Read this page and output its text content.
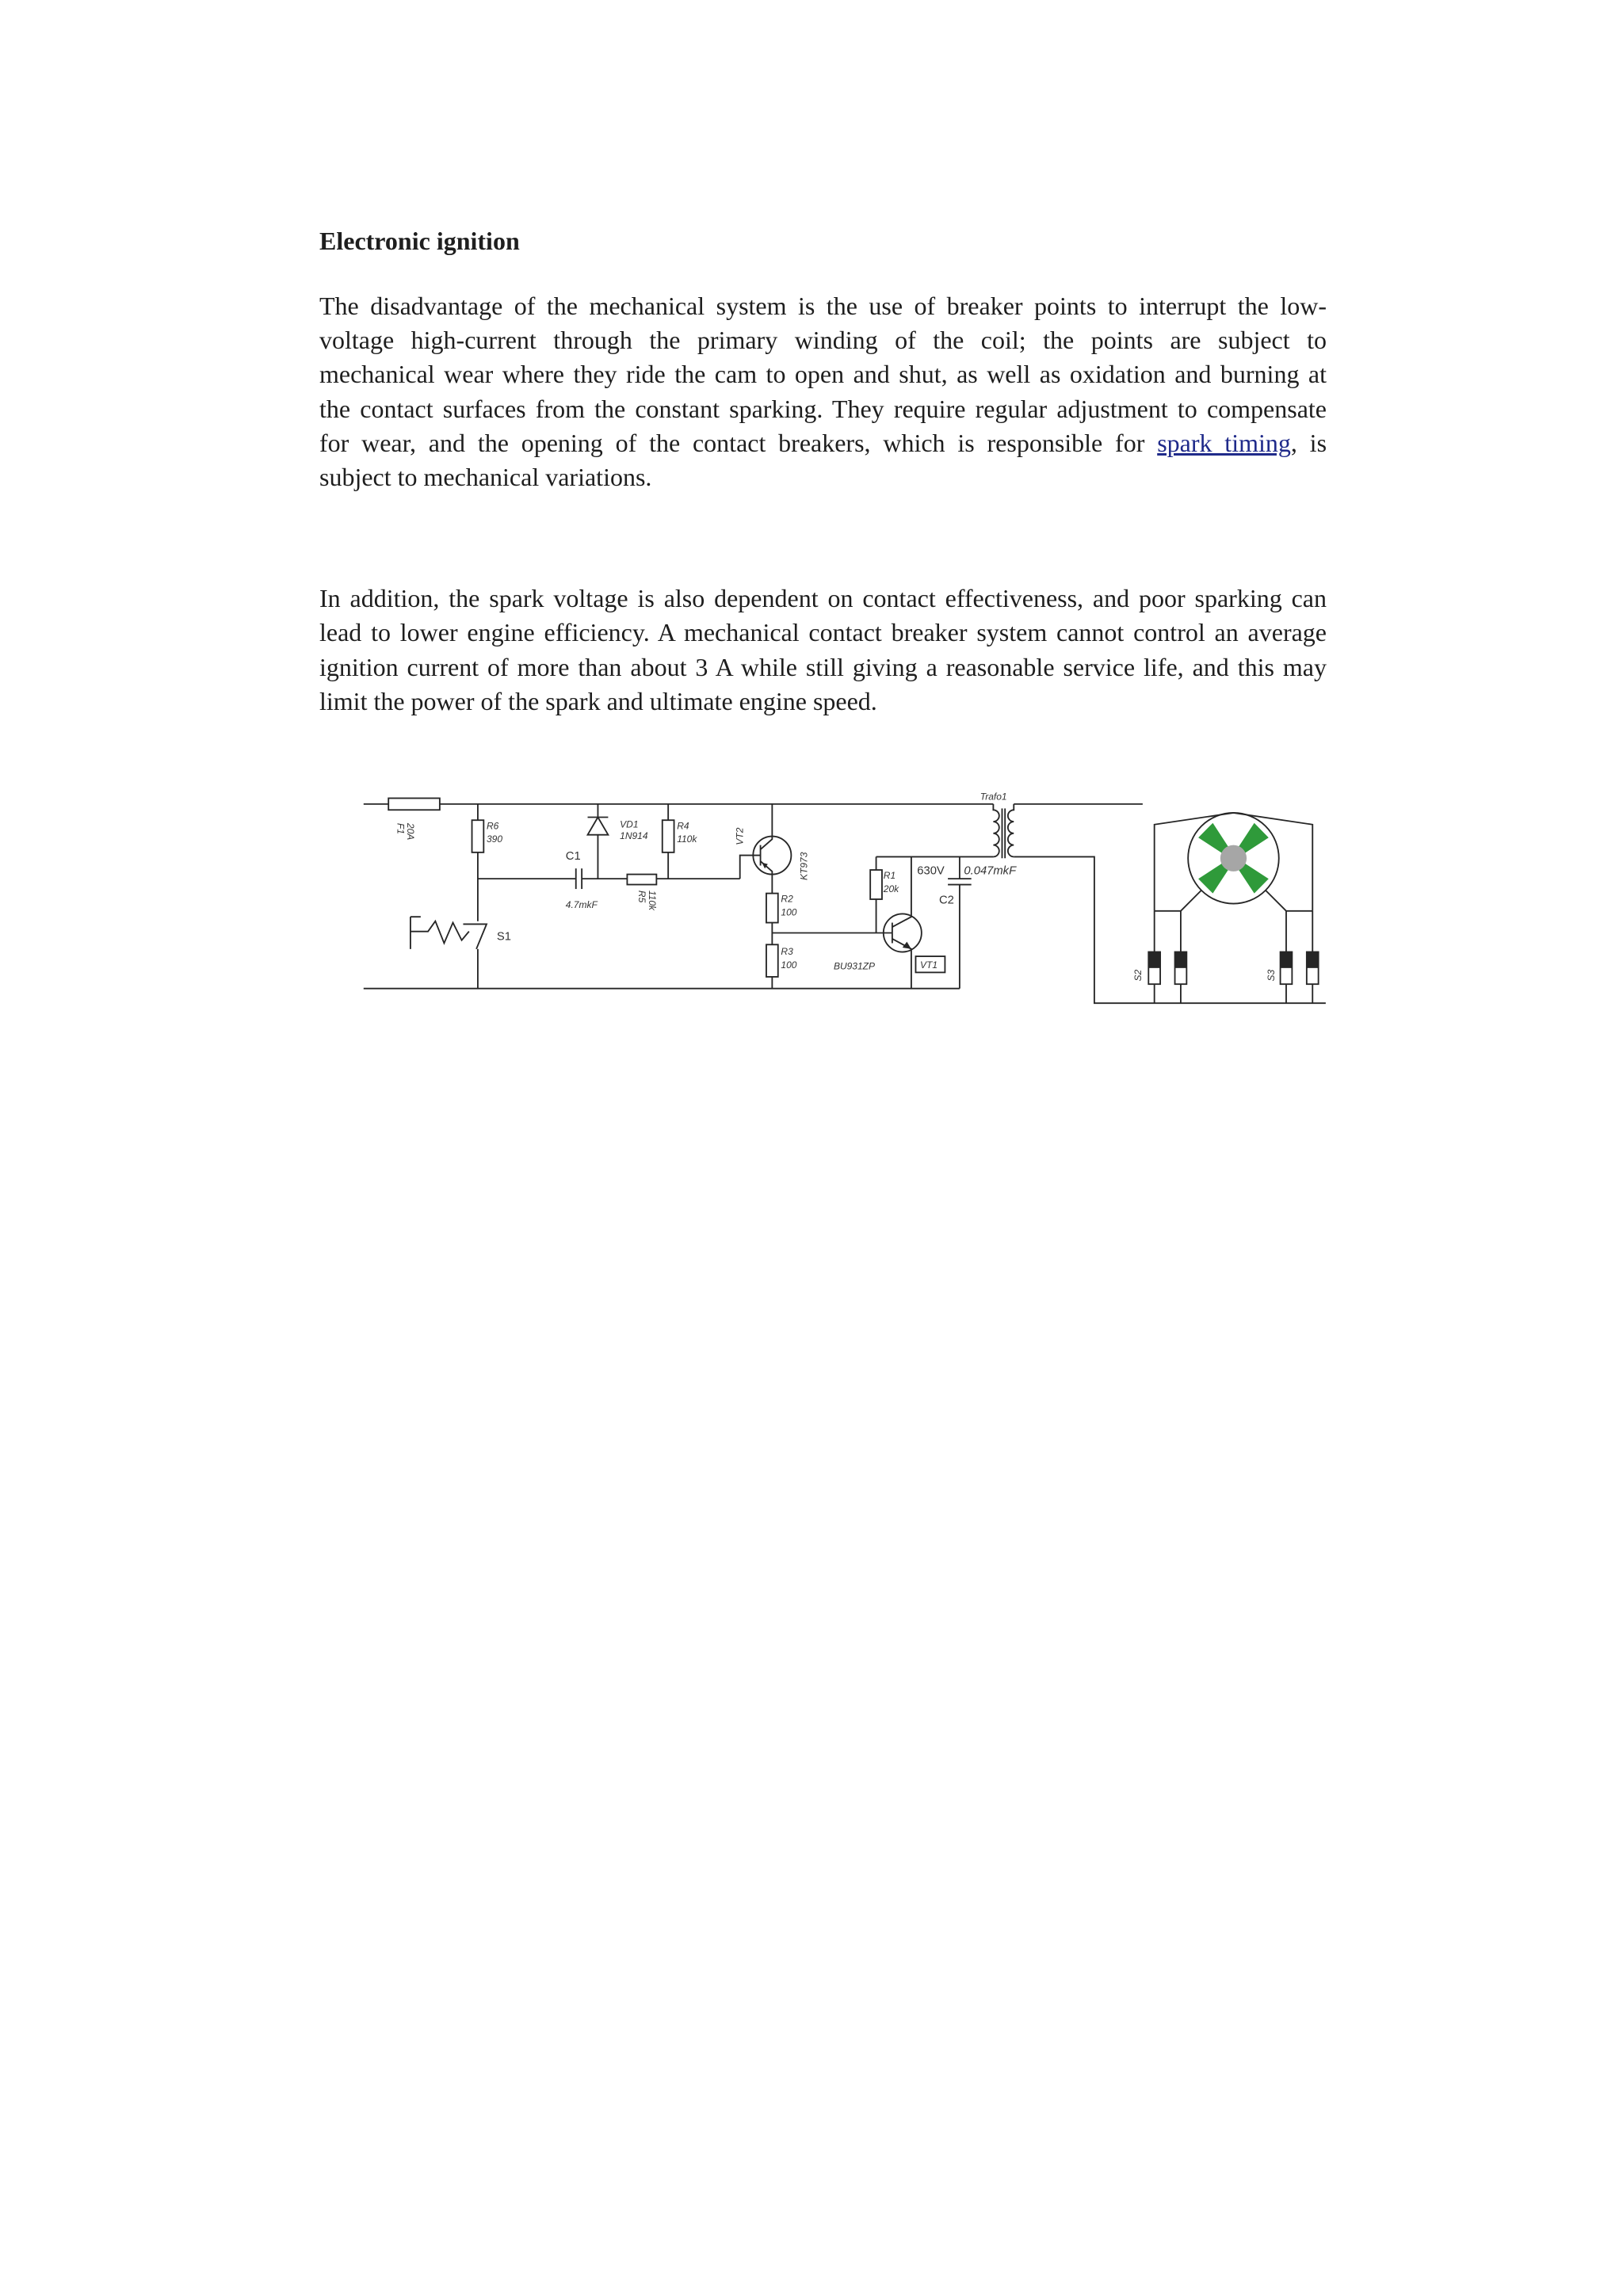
Electronic ignition
The disadvantage of the mechanical system is the use of breaker points to interrupt the low-
voltage high-current through the primary winding of the coil; the points are subject to
mechanical wear where they ride the cam to open and shut, as well as oxidation and burning at
the contact surfaces from the constant sparking. They require regular adjustment to compensate
for wear, and the opening of the contact breakers, which is responsible for spark timing, is
subject to mechanical variations.
In addition, the spark voltage is also dependent on contact effectiveness, and poor sparking can
lead to lower engine efficiency. A mechanical contact breaker system cannot control an average
ignition current of more than about 3 A while still giving a reasonable service life, and this may
limit the power of the spark and ultimate engine speed.
F1
20A	R6
390
S1
C1
4.7mkF
VD1
1N914
R5
110k
R4
110k	VT2
KT973
R2
100
R3
100
R1
20k
BU931ZP	VT1
630V	0.047mkF
C2
Trafo1
S2	S3
